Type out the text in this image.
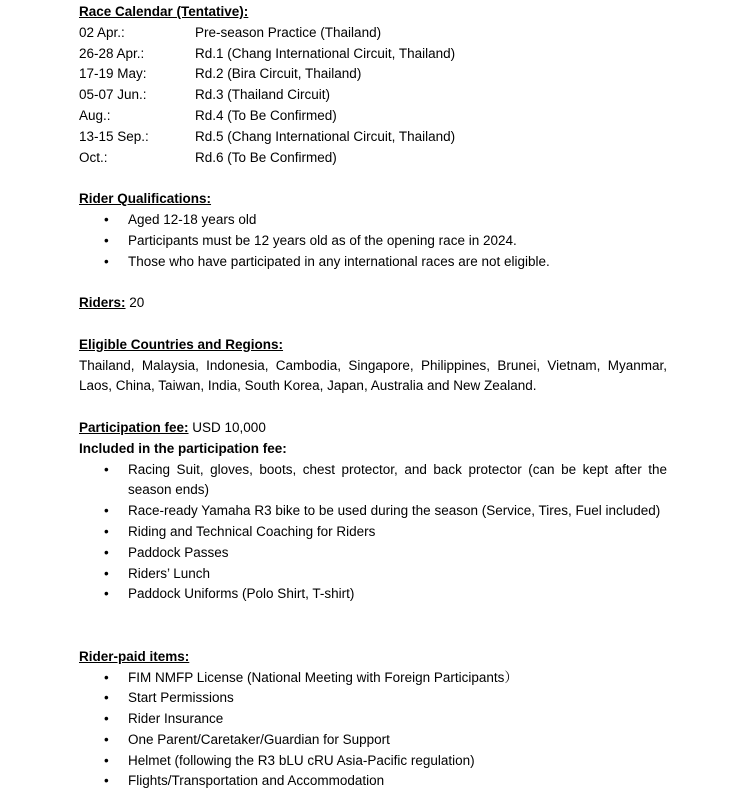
Race Calendar (Tentative):
02 Apr.:	Pre-season Practice (Thailand)
26-28 Apr.:	Rd.1 (Chang International Circuit, Thailand)
17-19 May:	Rd.2 (Bira Circuit, Thailand)
05-07 Jun.:	Rd.3 (Thailand Circuit)
Aug.:	Rd.4 (To Be Confirmed)
13-15 Sep.:	Rd.5 (Chang International Circuit, Thailand)
Oct.:	Rd.6 (To Be Confirmed)
Rider Qualifications:
• Aged 12-18 years old
• Participants must be 12 years old as of the opening race in 2024.
• Those who have participated in any international races are not eligible.
Riders: 20
Eligible Countries and Regions:
Thailand, Malaysia, Indonesia, Cambodia, Singapore, Philippines, Brunei, Vietnam, Myanmar, Laos, China, Taiwan, India, South Korea, Japan, Australia and New Zealand.
Participation fee: USD 10,000
Included in the participation fee:
• Racing Suit, gloves, boots, chest protector, and back protector (can be kept after the season ends)
• Race-ready Yamaha R3 bike to be used during the season (Service, Tires, Fuel included)
• Riding and Technical Coaching for Riders
• Paddock Passes
• Riders’ Lunch
• Paddock Uniforms (Polo Shirt, T-shirt)
Rider-paid items:
• FIM NMFP License (National Meeting with Foreign Participants）
• Start Permissions
• Rider Insurance
• One Parent/Caretaker/Guardian for Support
• Helmet (following the R3 bLU cRU Asia-Pacific regulation)
• Flights/Transportation and Accommodation
